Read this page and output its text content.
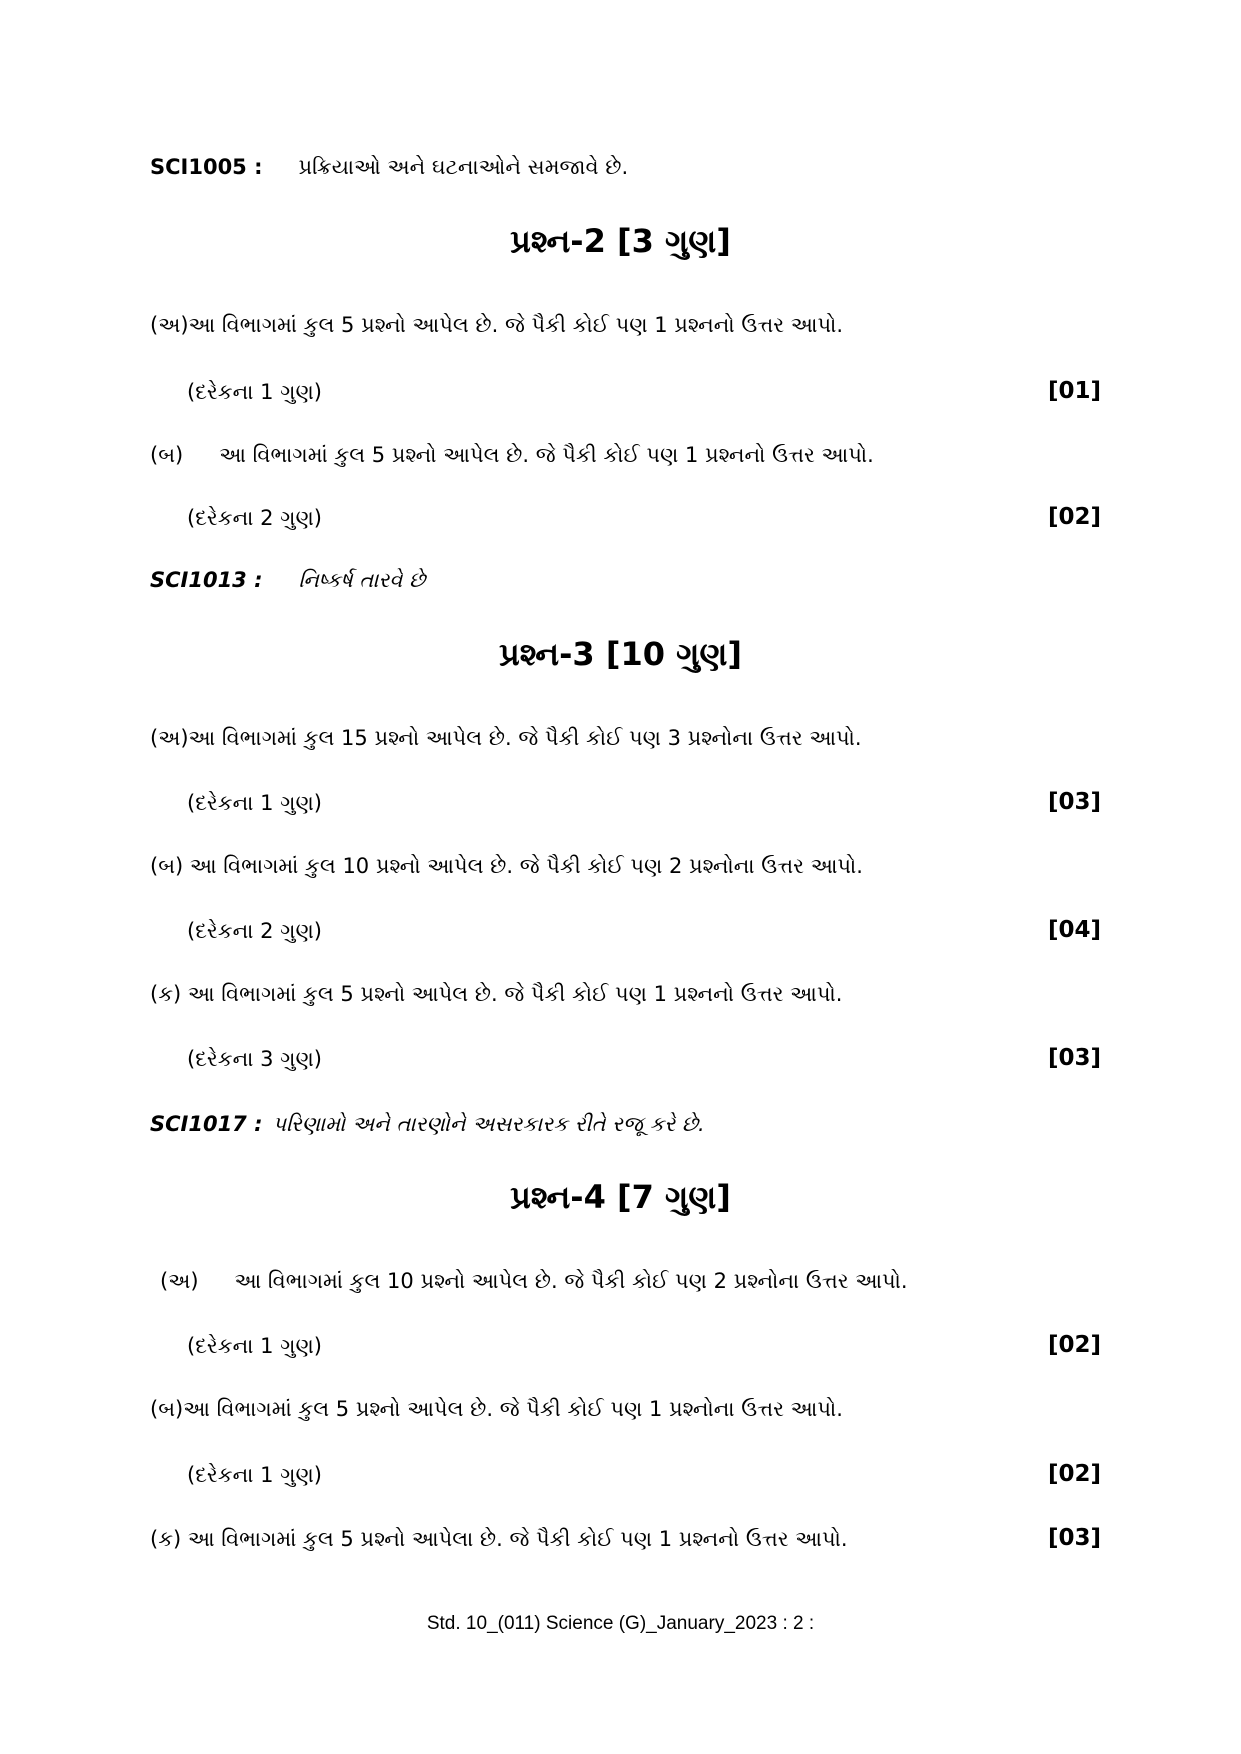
SCI1005 : પ્રક્રિયાઓ અને ઘટનાઓને સમજાવે છે.
પ્રશ્ન-2 [3 ગુણ]
(અ)આ વિભાગમાં કુલ 5 પ્રશ્નો આપેલ છે. જે પૈકી કોઈ પણ 1 પ્રશ્નનો ઉત્તર આપો.
(દરેકના 1 ગુણ)	[01]
(બ) આ વિભાગમાં કુલ 5 પ્રશ્નો આપેલ છે. જે પૈકી કોઈ પણ 1 પ્રશ્નનો ઉત્તર આપો.
(દરેકના 2 ગુણ)	[02]
SCI1013 : નિષ્કર્ષ તારવે છે
પ્રશ્ન-3 [10 ગુણ]
(અ)આ વિભાગમાં કુલ 15 પ્રશ્નો આપેલ છે. જે પૈકી કોઈ પણ 3 પ્રશ્નોના ઉત્તર આપો.
(દરેકના 1 ગુણ)	[03]
(બ) આ વિભાગમાં કુલ 10 પ્રશ્નો આપેલ છે. જે પૈકી કોઈ પણ 2 પ્રશ્નોના ઉત્તર આપો.
(દરેકના 2 ગુણ)	[04]
(ક) આ વિભાગમાં કુલ 5 પ્રશ્નો આપેલ છે. જે પૈકી કોઈ પણ 1 પ્રશ્નનો ઉત્તર આપો.
(દરેકના 3 ગુણ)	[03]
SCI1017 : પરિણામો અને તારણોને અસરકારક રીતે રજૂ કરે છે.
પ્રશ્ન-4 [7 ગુણ]
(અ) આ વિભાગમાં કુલ 10 પ્રશ્નો આપેલ છે. જે પૈકી કોઈ પણ 2 પ્રશ્નોના ઉત્તર આપો.
(દરેકના 1 ગુણ)	[02]
(બ)આ વિભાગમાં કુલ 5 પ્રશ્નો આપેલ છે. જે પૈકી કોઈ પણ 1 પ્રશ્નોના ઉત્તર આપો.
(દરેકના 1 ગુણ)	[02]
(ક) આ વિભાગમાં કુલ 5 પ્રશ્નો આપેલા છે. જે પૈકી કોઈ પણ 1 પ્રશ્નનો ઉત્તર આપો.	[03]
Std. 10_(011) Science (G)_January_2023 : 2 :
